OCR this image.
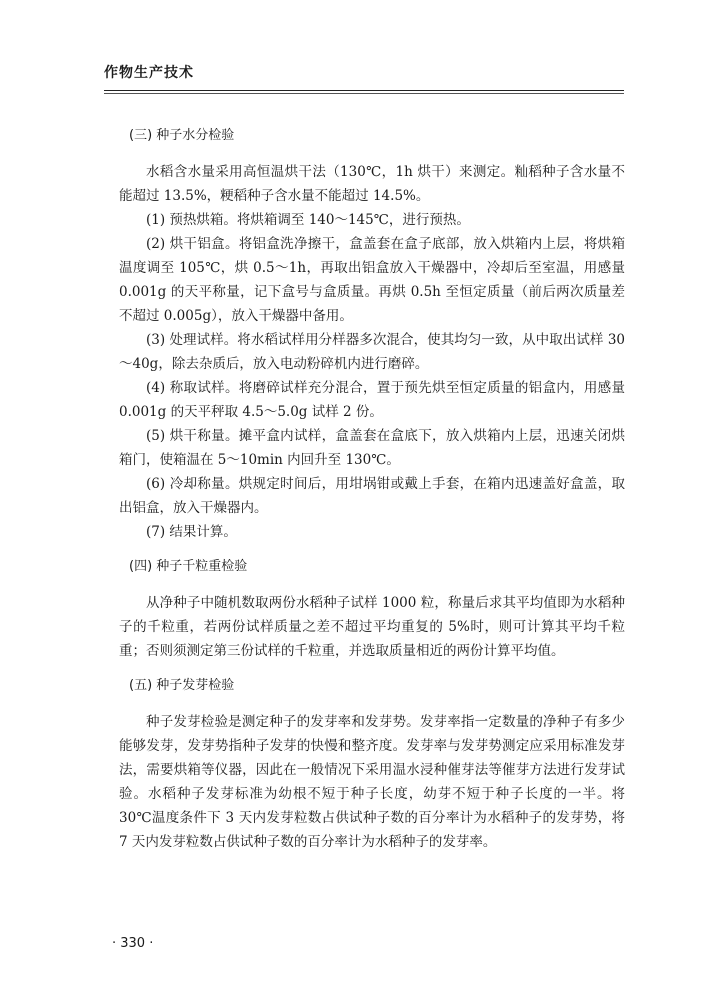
作物生产技术
(三) 种子水分检验

水稻含水量采用高恒温烘干法（130℃，1h 烘干）来测定。籼稻种子含水量不能超过 13.5%，粳稻种子含水量不能超过 14.5%。

(1) 预热烘箱。将烘箱调至 140～145℃，进行预热。

(2) 烘干铝盒。将铝盒洗净擦干，盒盖套在盒子底部，放入烘箱内上层，将烘箱温度调至 105℃，烘 0.5～1h，再取出铝盒放入干燥器中，冷却后至室温，用感量 0.001g 的天平称量，记下盒号与盒质量。再烘 0.5h 至恒定质量（前后两次质量差不超过 0.005g），放入干燥器中备用。

(3) 处理试样。将水稻试样用分样器多次混合，使其均匀一致，从中取出试样 30～40g，除去杂质后，放入电动粉碎机内进行磨碎。

(4) 称取试样。将磨碎试样充分混合，置于预先烘至恒定质量的铝盒内，用感量 0.001g 的天平秤取 4.5～5.0g 试样 2 份。

(5) 烘干称量。摊平盒内试样，盒盖套在盒底下，放入烘箱内上层，迅速关闭烘箱门，使箱温在 5～10min 内回升至 130℃。

(6) 冷却称量。烘规定时间后，用坩埚钳或戴上手套，在箱内迅速盖好盒盖，取出铝盒，放入干燥器内。

(7) 结果计算。

(四) 种子千粒重检验

从净种子中随机数取两份水稻种子试样 1000 粒，称量后求其平均值即为水稻种子的千粒重，若两份试样质量之差不超过平均重复的 5%时，则可计算其平均千粒重；否则须测定第三份试样的千粒重，并选取质量相近的两份计算平均值。

(五) 种子发芽检验

种子发芽检验是测定种子的发芽率和发芽势。发芽率指一定数量的净种子有多少能够发芽，发芽势指种子发芽的快慢和整齐度。发芽率与发芽势测定应采用标准发芽法，需要烘箱等仪器，因此在一般情况下采用温水浸种催芽法等催芽方法进行发芽试验。水稻种子发芽标准为幼根不短于种子长度，幼芽不短于种子长度的一半。将 30℃温度条件下 3 天内发芽粒数占供试种子数的百分率计为水稻种子的发芽势，将 7 天内发芽粒数占供试种子数的百分率计为水稻种子的发芽率。

· 330 ·
